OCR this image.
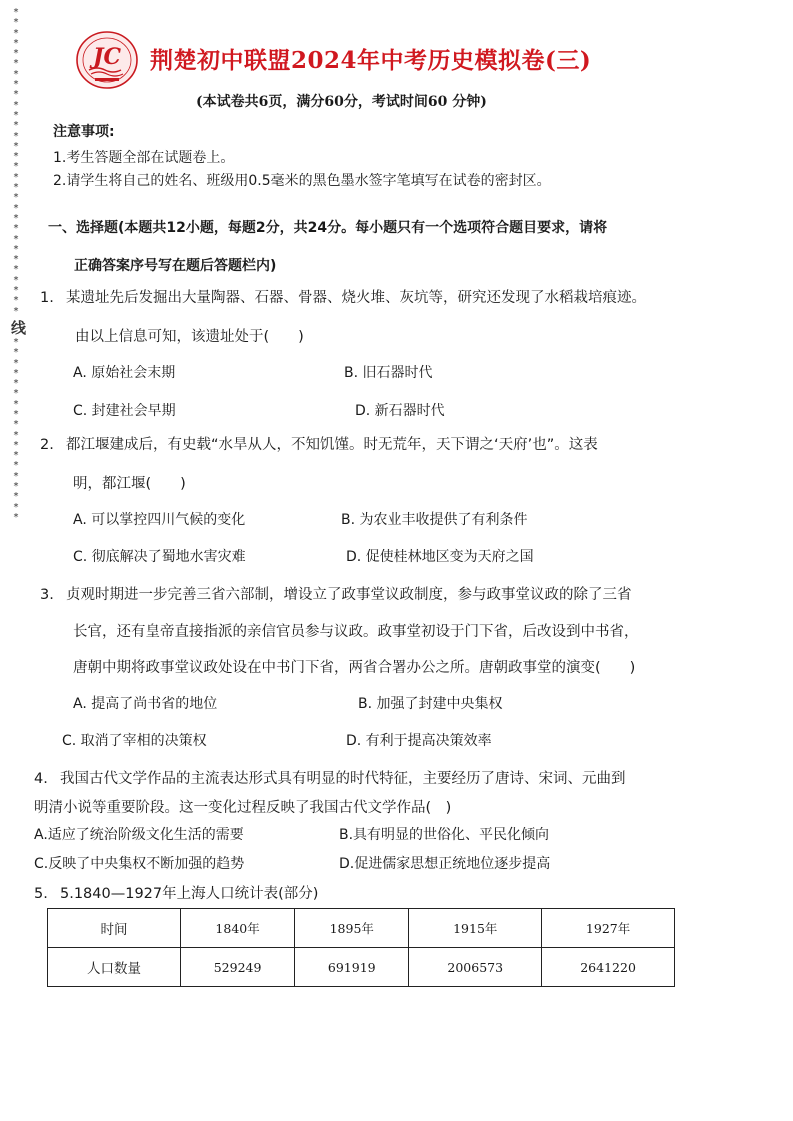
*
*
*
*
*
*
*
*
*
*
*
*
*
*
*
*
*
*
*
*
*
*
*
*
*
*
*
*
*
*
线
*
*
*
*
*
*
*
*
*
*
*
*
*
*
*
*
*
*
JC 荆楚初中联盟2024年中考历史模拟卷(三)
(本试卷共6页，满分60分，考试时间60 分钟)
注意事项:
1.考生答题全部在试题卷上。
2.请学生将自己的姓名、班级用0.5毫米的黑色墨水签字笔填写在试卷的密封区。
一、选择题(本题共12小题，每题2分，共24分。每小题只有一个选项符合题目要求，请将
正确答案序号写在题后答题栏内)
1. 某遗址先后发掘出大量陶器、石器、骨器、烧火堆、灰坑等，研究还发现了水稻栽培痕迹。
由以上信息可知，该遗址处于(　　)
A. 原始社会末期	B. 旧石器时代
C. 封建社会早期	D. 新石器时代
2. 都江堰建成后，有史载“水旱从人，不知饥馑。时无荒年，天下谓之‘天府’也”。这表
明，都江堰(　　)
A. 可以掌控四川气候的变化	B. 为农业丰收提供了有利条件
C. 彻底解决了蜀地水害灾难	D. 促使桂林地区变为天府之国
3. 贞观时期进一步完善三省六部制，增设立了政事堂议政制度，参与政事堂议政的除了三省
长官，还有皇帝直接指派的亲信官员参与议政。政事堂初设于门下省，后改设到中书省，
唐朝中期将政事堂议政处设在中书门下省，两省合署办公之所。唐朝政事堂的演变(　　)
A. 提高了尚书省的地位	B. 加强了封建中央集权
C. 取消了宰相的决策权	D. 有利于提高决策效率
4. 我国古代文学作品的主流表达形式具有明显的时代特征，主要经历了唐诗、宋词、元曲到
明清小说等重要阶段。这一变化过程反映了我国古代文学作品(　)
A.适应了统治阶级文化生活的需要	B.具有明显的世俗化、平民化倾向
C.反映了中央集权不断加强的趋势	D.促进儒家思想正统地位逐步提高
5. 5.1840—1927年上海人口统计表(部分)
时间	1840年	1895年	1915年	1927年
人口数量	529249	691919	2006573	2641220
